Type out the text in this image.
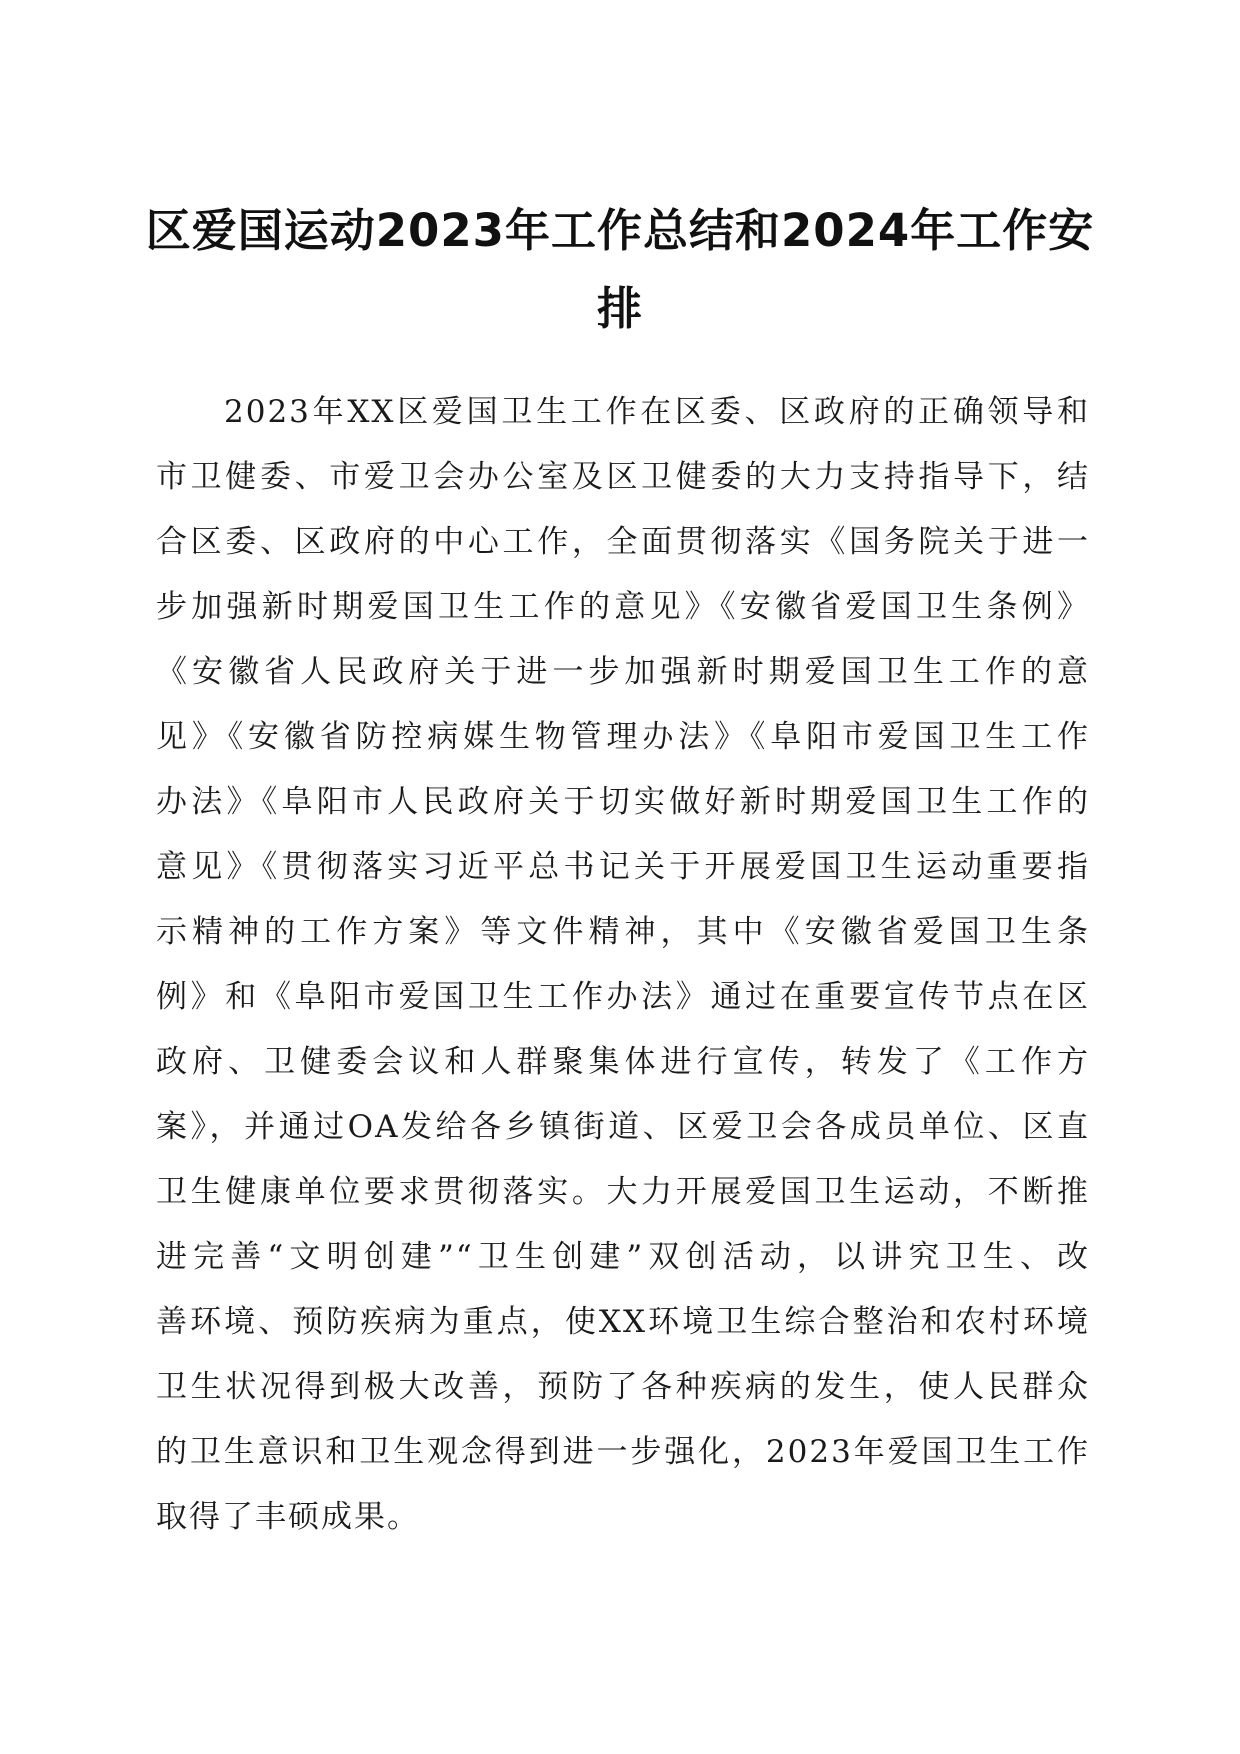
区爱国运动2023年工作总结和2024年工作安
排

2023年XX区爱国卫生工作在区委、区政府的正确领导和
市卫健委、市爱卫会办公室及区卫健委的大力支持指导下，结
合区委、区政府的中心工作，全面贯彻落实《国务院关于进一
步加强新时期爱国卫生工作的意见》《安徽省爱国卫生条例》
《安徽省人民政府关于进一步加强新时期爱国卫生工作的意
见》《安徽省防控病媒生物管理办法》《阜阳市爱国卫生工作
办法》《阜阳市人民政府关于切实做好新时期爱国卫生工作的
意见》《贯彻落实习近平总书记关于开展爱国卫生运动重要指
示精神的工作方案》等文件精神，其中《安徽省爱国卫生条
例》和《阜阳市爱国卫生工作办法》通过在重要宣传节点在区
政府、卫健委会议和人群聚集体进行宣传，转发了《工作方
案》，并通过OA发给各乡镇街道、区爱卫会各成员单位、区直
卫生健康单位要求贯彻落实。大力开展爱国卫生运动，不断推
进完善“文明创建”“卫生创建”双创活动，以讲究卫生、改
善环境、预防疾病为重点，使XX环境卫生综合整治和农村环境
卫生状况得到极大改善，预防了各种疾病的发生，使人民群众
的卫生意识和卫生观念得到进一步强化，2023年爱国卫生工作
取得了丰硕成果。
